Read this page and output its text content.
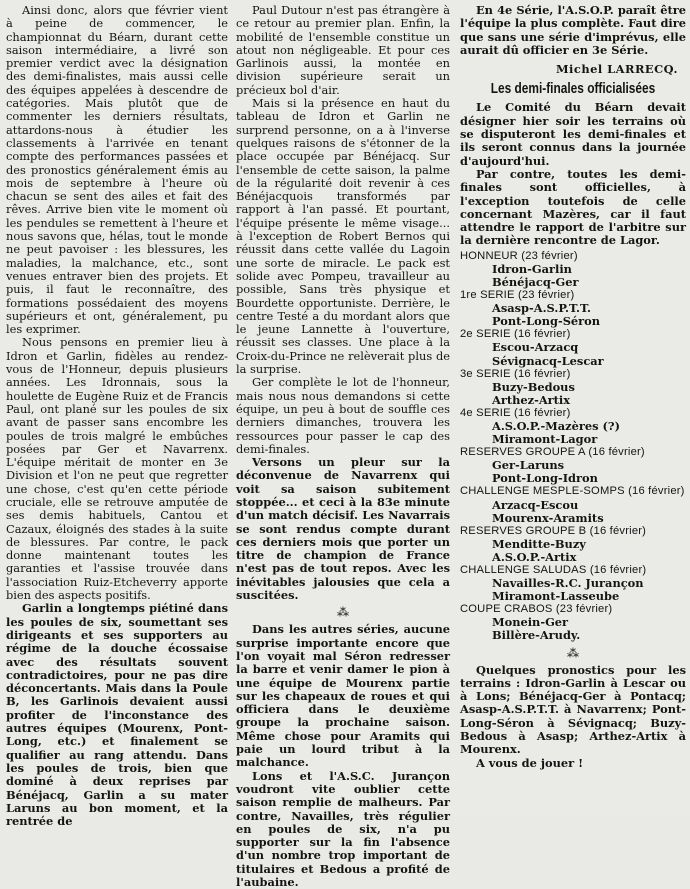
Ainsi donc, alors que février vient à peine de commencer, le championnat du Béarn, durant cette saison intermédiaire, a livré son premier verdict avec la désignation des demi-finalistes, mais aussi celle des équipes appelées à descendre de catégories. Mais plutôt que de commenter les derniers résultats, attardons-nous à étudier les classements à l'arrivée en tenant compte des performances passées et des pronostics généralement émis au mois de septembre à l'heure où chacun se sent des ailes et fait des rêves. Arrive bien vite le moment où les pendules se remettent à l'heure et nous savons que, hélas, tout le monde ne peut pavoiser : les blessures, les maladies, la malchance, etc., sont venues entraver bien des projets. Et puis, il faut le reconnaître, des formations possédaient des moyens supérieurs et ont, généralement, pu les exprimer.

Nous pensons en premier lieu à Idron et Garlin, fidèles au rendez-vous de l'Honneur, depuis plusieurs années. Les Idronnais, sous la houlette de Eugène Ruiz et de Francis Paul, ont plané sur les poules de six avant de passer sans encombre les poules de trois malgré le embûches posées par Ger et Navarrenx. L'équipe méritait de monter en 3e Division et l'on ne peut que regretter une chose, c'est qu'en cette période cruciale, elle se retrouve amputée de ses demis habituels, Cantou et Cazaux, éloignés des stades à la suite de blessures. Par contre, le pack donne maintenant toutes les garanties et l'assise trouvée dans l'association Ruiz-Etcheverry apporte bien des aspects positifs.

Garlin a longtemps piétiné dans les poules de six, soumettant ses dirigeants et ses supporters au régime de la douche écossaise avec des résultats souvent contradictoires, pour ne pas dire déconcertants. Mais dans la Poule B, les Garlinois devaient aussi profiter de l'inconstance des autres équipes (Mourenx, Pont-Long, etc.) et finalement se qualifier au rang attendu. Dans les poules de trois, bien que dominé à deux reprises par Bénéjacq, Garlin a su mater Laruns au bon moment, et la rentrée de

Paul Dutour n'est pas étrangère à ce retour au premier plan. Enfin, la mobilité de l'ensemble constitue un atout non négligeable. Et pour ces Garlinois aussi, la montée en division supérieure serait un précieux bol d'air.

Mais si la présence en haut du tableau de Idron et Garlin ne surprend personne, on a à l'inverse quelques raisons de s'étonner de la place occupée par Bénéjacq. Sur l'ensemble de cette saison, la palme de la régularité doit revenir à ces Bénéjacquois transformés par rapport à l'an passé. Et pourtant, l'équipe présente le même visage... à l'exception de Robert Bernos qui réussit dans cette vallée du Lagoin une sorte de miracle. Le pack est solide avec Pompeu, travailleur au possible, Sans très physique et Bourdette opportuniste. Derrière, le centre Testé a du mordant alors que le jeune Lannette à l'ouverture, réussit ses classes. Une place à la Croix-du-Prince ne relèverait plus de la surprise.

Ger complète le lot de l'honneur, mais nous nous demandons si cette équipe, un peu à bout de souffle ces derniers dimanches, trouvera les ressources pour passer le cap des demi-finales.

Versons un pleur sur la déconvenue de Navarrenx qui voit sa saison subitement stoppée... et ceci à la 83e minute d'un match décisif. Les Navarrais se sont rendus compte durant ces derniers mois que porter un titre de champion de France n'est pas de tout repos. Avec les inévitables jalousies que cela a suscitées.

⁂

Dans les autres séries, aucune surprise importante encore que l'on voyait mal Séron redresser la barre et venir damer le pion à une équipe de Mourenx partie sur les chapeaux de roues et qui officiera dans le deuxième groupe la prochaine saison. Même chose pour Aramits qui paie un lourd tribut à la malchance.

Lons et l'A.S.C. Jurançon voudront vite oublier cette saison remplie de malheurs. Par contre, Navailles, très régulier en poules de six, n'a pu supporter sur la fin l'absence d'un nombre trop important de titulaires et Bedous a profité de l'aubaine.

En 4e Série, l'A.S.O.P. paraît être l'équipe la plus complète. Faut dire que sans une série d'imprévus, elle aurait dû officier en 3e Série.

Michel LARRECQ.
Les demi-finales officialisées

Le Comité du Béarn devait désigner hier soir les terrains où se disputeront les demi-finales et ils seront connus dans la journée d'aujourd'hui.

Par contre, toutes les demi-finales sont officielles, à l'exception toutefois de celle concernant Mazères, car il faut attendre le rapport de l'arbitre sur la dernière rencontre de Lagor.

HONNEUR (23 février)
Idron-Garlin
Bénéjacq-Ger
1re SERIE (23 février)
Asasp-A.S.P.T.T.
Pont-Long-Séron
2e SERIE (16 février)
Escou-Arzacq
Sévignacq-Lescar
3e SERIE (16 février)
Buzy-Bedous
Arthez-Artix
4e SERIE (16 février)
A.S.O.P.-Mazères (?)
Miramont-Lagor
RESERVES GROUPE A (16 février)
Ger-Laruns
Pont-Long-Idron
CHALLENGE MESPLE-SOMPS (16 février)
Arzacq-Escou
Mourenx-Aramits
RESERVES GROUPE B (16 février)
Menditte-Buzy
A.S.O.P.-Artix
CHALLENGE SALUDAS (16 février)
Navailles-R.C. Jurançon
Miramont-Lasseube
COUPE CRABOS (23 février)
Monein-Ger
Billère-Arudy.
⁂

Quelques pronostics pour les terrains : Idron-Garlin à Lescar ou à Lons; Bénéjacq-Ger à Pontacq; Asasp-A.S.P.T.T. à Navarrenx; Pont-Long-Séron à Sévignacq; Buzy-Bedous à Asasp; Arthez-Artix à Mourenx.

A vous de jouer !
